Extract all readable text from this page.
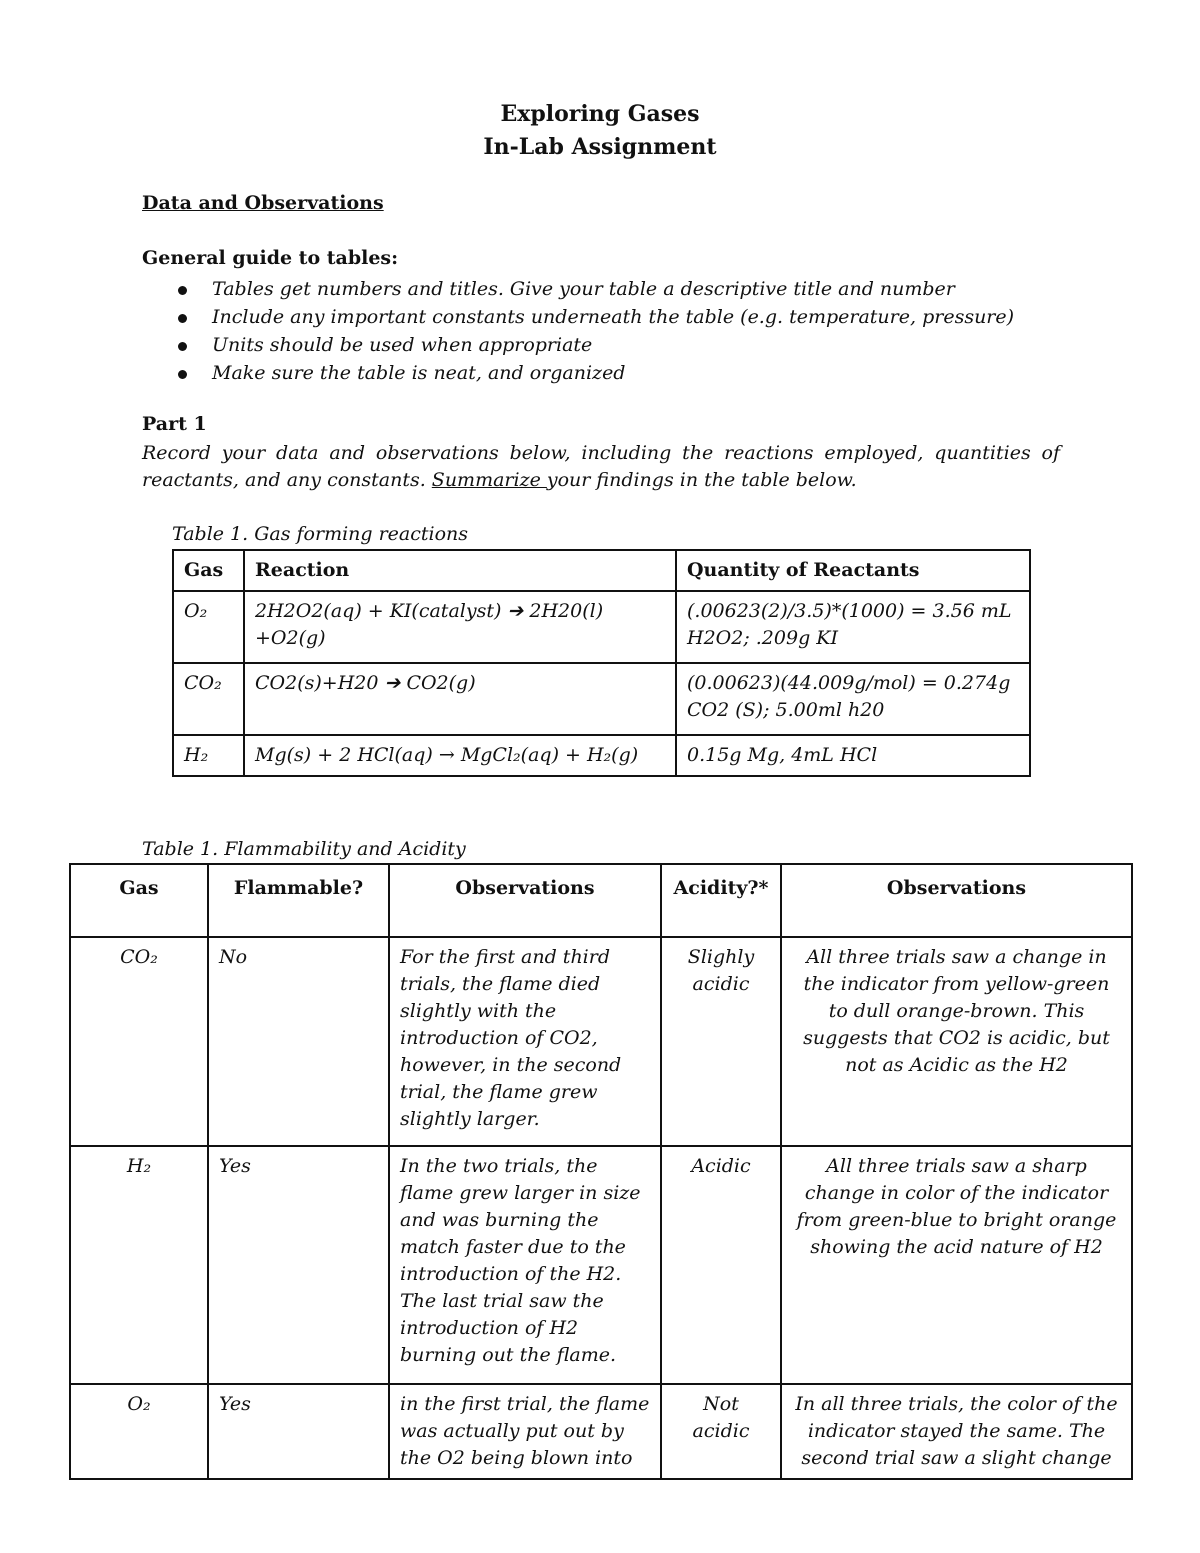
Exploring Gases
In-Lab Assignment
Data and Observations
General guide to tables:
Tables get numbers and titles. Give your table a descriptive title and number
Include any important constants underneath the table (e.g. temperature, pressure)
Units should be used when appropriate
Make sure the table is neat, and organized
Part 1
Record your data and observations below, including the reactions employed, quantities of reactants, and any constants. Summarize your findings in the table below.
Table 1. Gas forming reactions
Gas	Reaction	Quantity of Reactants
O₂	2H2O2(aq) + KI(catalyst) ➔ 2H20(l) +O2(g)	(.00623(2)/3.5)*(1000) = 3.56 mL H2O2; .209g KI
CO₂	CO2(s)+H20 ➔ CO2(g)	(0.00623)(44.009g/mol) = 0.274g CO2 (S); 5.00ml h20
H₂	Mg(s) + 2 HCl(aq) → MgCl₂(aq) + H₂(g)	0.15g Mg, 4mL HCl
Table 1. Flammability and Acidity
Gas	Flammable?	Observations	Acidity?*	Observations
CO₂	No	For the first and third trials, the flame died slightly with the introduction of CO2, however, in the second trial, the flame grew slightly larger.	Slighly acidic	All three trials saw a change in the indicator from yellow-green to dull orange-brown. This suggests that CO2 is acidic, but not as Acidic as the H2
H₂	Yes	In the two trials, the flame grew larger in size and was burning the match faster due to the introduction of the H2. The last trial saw the introduction of H2 burning out the flame.	Acidic	All three trials saw a sharp change in color of the indicator from green-blue to bright orange showing the acid nature of H2
O₂	Yes	in the first trial, the flame was actually put out by the O2 being blown into	Not acidic	In all three trials, the color of the indicator stayed the same. The second trial saw a slight change
